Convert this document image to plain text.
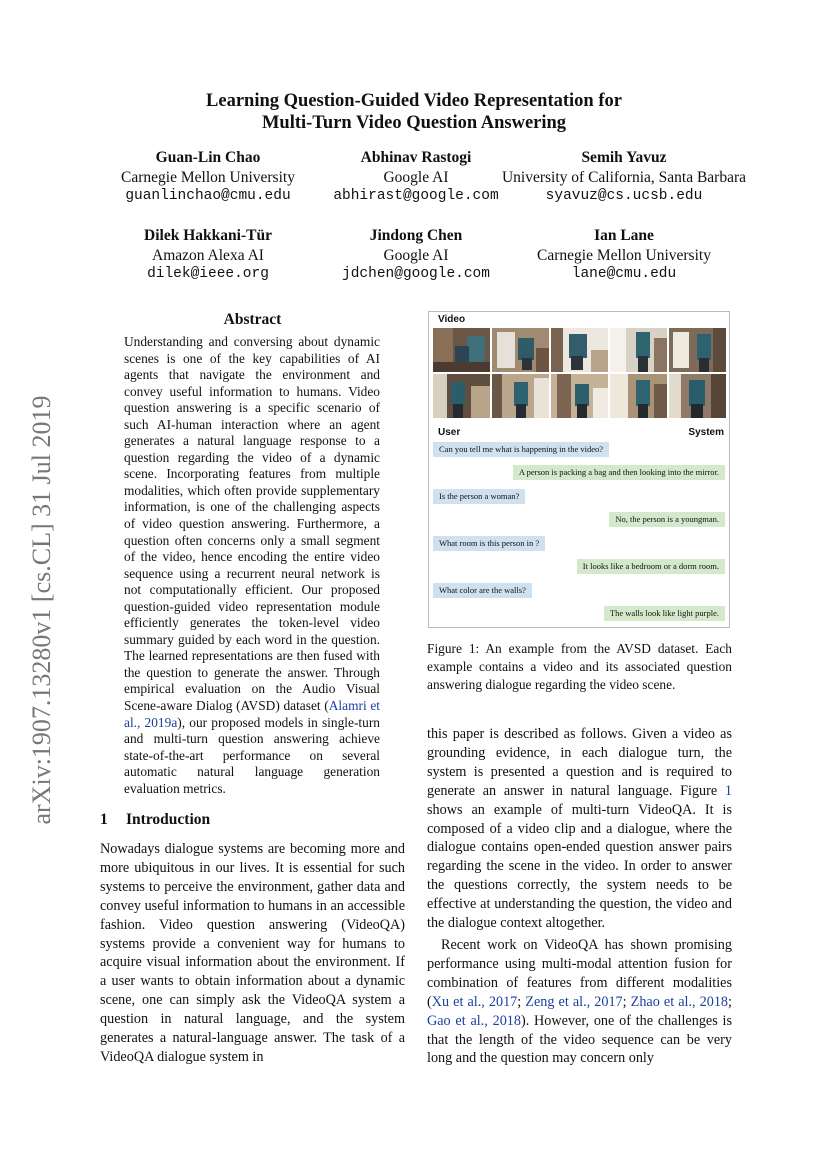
arXiv:1907.13280v1 [cs.CL] 31 Jul 2019
Learning Question-Guided Video Representation for
Multi-Turn Video Question Answering
Guan-Lin Chao
Carnegie Mellon University
guanlinchao@cmu.edu
Abhinav Rastogi
Google AI
abhirast@google.com
Semih Yavuz
University of California, Santa Barbara
syavuz@cs.ucsb.edu
Dilek Hakkani-Tür
Amazon Alexa AI
dilek@ieee.org
Jindong Chen
Google AI
jdchen@google.com
Ian Lane
Carnegie Mellon University
lane@cmu.edu
Abstract
Understanding and conversing about dynamic scenes is one of the key capabilities of AI agents that navigate the environment and convey useful information to humans. Video question answering is a specific scenario of such AI-human interaction where an agent generates a natural language response to a question regarding the video of a dynamic scene. Incorporating features from multiple modalities, which often provide supplementary information, is one of the challenging aspects of video question answering. Furthermore, a question often concerns only a small segment of the video, hence encoding the entire video sequence using a recurrent neural network is not computationally efficient. Our proposed question-guided video representation module efficiently generates the token-level video summary guided by each word in the question. The learned representations are then fused with the question to generate the answer. Through empirical evaluation on the Audio Visual Scene-aware Dialog (AVSD) dataset (Alamri et al., 2019a), our proposed models in single-turn and multi-turn question answering achieve state-of-the-art performance on several automatic natural language generation evaluation metrics.
1 Introduction

Nowadays dialogue systems are becoming more and more ubiquitous in our lives. It is essential for such systems to perceive the environment, gather data and convey useful information to humans in an accessible fashion. Video question answering (VideoQA) systems provide a convenient way for humans to acquire visual information about the environment. If a user wants to obtain information about a dynamic scene, one can simply ask the VideoQA system a question in natural language, and the system generates a natural-language answer. The task of a VideoQA dialogue system in

Video
User	System
Can you tell me what is happening in the video?
A person is packing a bag and then looking into the mirror.
Is the person a woman?
No, the person is a youngman.
What room is this person in ?
It looks like a bedroom or a dorm room.
What color are the walls?
The walls look like light purple.
Figure 1: An example from the AVSD dataset. Each example contains a video and its associated question answering dialogue regarding the video scene.

this paper is described as follows. Given a video as grounding evidence, in each dialogue turn, the system is presented a question and is required to generate an answer in natural language. Figure 1 shows an example of multi-turn VideoQA. It is composed of a video clip and a dialogue, where the dialogue contains open-ended question answer pairs regarding the scene in the video. In order to answer the questions correctly, the system needs to be effective at understanding the question, the video and the dialogue context altogether.

Recent work on VideoQA has shown promising performance using multi-modal attention fusion for combination of features from different modalities (Xu et al., 2017; Zeng et al., 2017; Zhao et al., 2018; Gao et al., 2018). However, one of the challenges is that the length of the video sequence can be very long and the question may concern only
